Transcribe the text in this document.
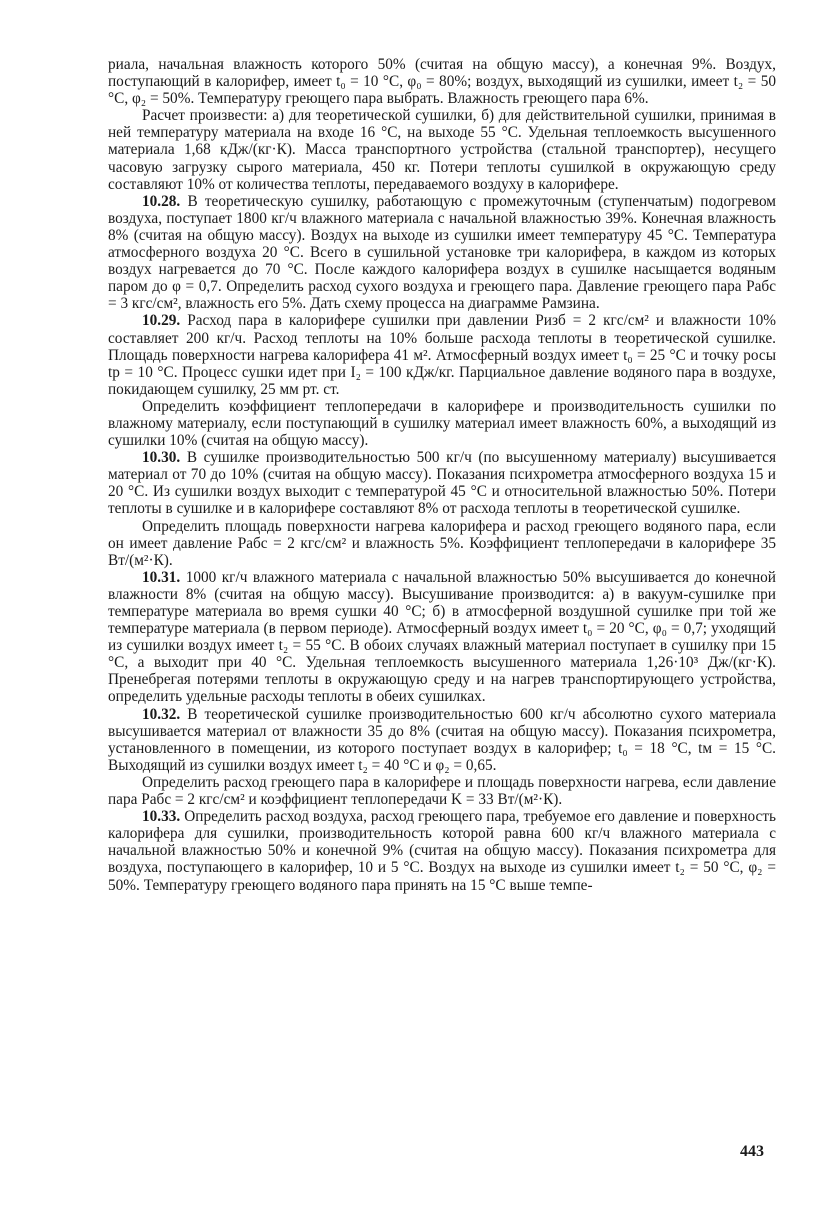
риала, начальная влажность которого 50% (считая на общую массу), а конечная 9%. Воздух, поступающий в калорифер, имеет t₀ = 10 °C, φ₀ = 80%; воздух, выходящий из сушилки, имеет t₂ = 50 °C, φ₂ = 50%. Температуру греющего пара выбрать. Влажность греющего пара 6%.

Расчет произвести: а) для теоретической сушилки, б) для действительной сушилки, принимая в ней температуру материала на входе 16 °C, на выходе 55 °C. Удельная теплоемкость высушенного материала 1,68 кДж/(кг·К). Масса транспортного устройства (стальной транспортер), несущего часовую загрузку сырого материала, 450 кг. Потери теплоты сушилкой в окружающую среду составляют 10% от количества теплоты, передаваемого воздуху в калорифере.

10.28. В теоретическую сушилку, работающую с промежуточным (ступенчатым) подогревом воздуха, поступает 1800 кг/ч влажного материала с начальной влажностью 39%. Конечная влажность 8% (считая на общую массу). Воздух на выходе из сушилки имеет температуру 45 °C. Температура атмосферного воздуха 20 °C. Всего в сушильной установке три калорифера, в каждом из которых воздух нагревается до 70 °C. После каждого калорифера воздух в сушилке насыщается водяным паром до φ = 0,7. Определить расход сухого воздуха и греющего пара. Давление греющего пара Pабс = 3 кгс/см², влажность его 5%. Дать схему процесса на диаграмме Рамзина.

10.29. Расход пара в калорифере сушилки при давлении Pизб = 2 кгс/см² и влажности 10% составляет 200 кг/ч. Расход теплоты на 10% больше расхода теплоты в теоретической сушилке. Площадь поверхности нагрева калорифера 41 м². Атмосферный воздух имеет t₀ = 25 °C и точку росы tр = 10 °C. Процесс сушки идет при I₂ = 100 кДж/кг. Парциальное давление водяного пара в воздухе, покидающем сушилку, 25 мм рт. ст.

Определить коэффициент теплопередачи в калорифере и производительность сушилки по влажному материалу, если поступающий в сушилку материал имеет влажность 60%, а выходящий из сушилки 10% (считая на общую массу).

10.30. В сушилке производительностью 500 кг/ч (по высушенному материалу) высушивается материал от 70 до 10% (считая на общую массу). Показания психрометра атмосферного воздуха 15 и 20 °C. Из сушилки воздух выходит с температурой 45 °C и относительной влажностью 50%. Потери теплоты в сушилке и в калорифере составляют 8% от расхода теплоты в теоретической сушилке.

Определить площадь поверхности нагрева калорифера и расход греющего водяного пара, если он имеет давление Pабс = 2 кгс/см² и влажность 5%. Коэффициент теплопередачи в калорифере 35 Вт/(м²·К).

10.31. 1000 кг/ч влажного материала с начальной влажностью 50% высушивается до конечной влажности 8% (считая на общую массу). Высушивание производится: а) в вакуум-сушилке при температуре материала во время сушки 40 °C; б) в атмосферной воздушной сушилке при той же температуре материала (в первом периоде). Атмосферный воздух имеет t₀ = 20 °C, φ₀ = 0,7; уходящий из сушилки воздух имеет t₂ = 55 °C. В обоих случаях влажный материал поступает в сушилку при 15 °C, а выходит при 40 °C. Удельная теплоемкость высушенного материала 1,26·10³ Дж/(кг·К). Пренебрегая потерями теплоты в окружающую среду и на нагрев транспортирующего устройства, определить удельные расходы теплоты в обеих сушилках.

10.32. В теоретической сушилке производительностью 600 кг/ч абсолютно сухого материала высушивается материал от влажности 35 до 8% (считая на общую массу). Показания психрометра, установленного в помещении, из которого поступает воздух в калорифер; t₀ = 18 °C, tм = 15 °C. Выходящий из сушилки воздух имеет t₂ = 40 °C и φ₂ = 0,65.

Определить расход греющего пара в калорифере и площадь поверхности нагрева, если давление пара Pабс = 2 кгс/см² и коэффициент теплопередачи K = 33 Вт/(м²·К).

10.33. Определить расход воздуха, расход греющего пара, требуемое его давление и поверхность калорифера для сушилки, производительность которой равна 600 кг/ч влажного материала с начальной влажностью 50% и конечной 9% (считая на общую массу). Показания психрометра для воздуха, поступающего в калорифер, 10 и 5 °C. Воздух на выходе из сушилки имеет t₂ = 50 °C, φ₂ = 50%. Температуру греющего водяного пара принять на 15 °C выше темпе-

443
